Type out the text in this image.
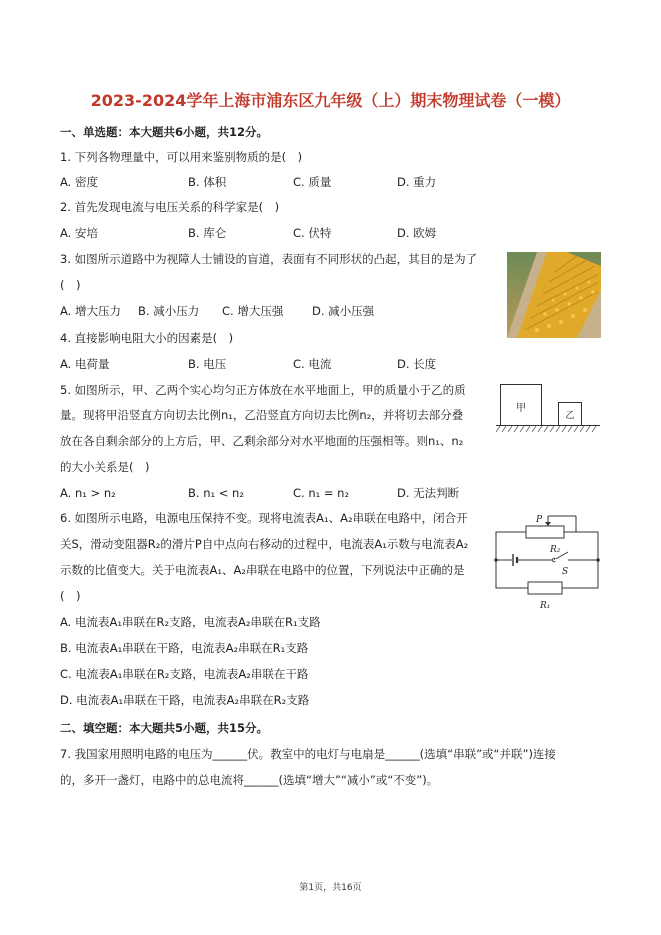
2023-2024学年上海市浦东区九年级（上）期末物理试卷（一模）
一、单选题：本大题共6小题，共12分。
1. 下列各物理量中，可以用来鉴别物质的是(　)
A. 密度	B. 体积	C. 质量	D. 重力
2. 首先发现电流与电压关系的科学家是(　)
A. 安培	B. 库仑	C. 伏特	D. 欧姆
3. 如图所示道路中为视障人士铺设的盲道，表面有不同形状的凸起，其目的是为了
(　)
A. 增大压力 B. 减小压力 C. 增大压强 D. 减小压强
4. 直接影响电阻大小的因素是(　)
A. 电荷量	B. 电压	C. 电流	D. 长度
5. 如图所示，甲、乙两个实心均匀正方体放在水平地面上，甲的质量小于乙的质
量。现将甲沿竖直方向切去比例n₁，乙沿竖直方向切去比例n₂，并将切去部分叠
放在各自剩余部分的上方后，甲、乙剩余部分对水平地面的压强相等。则n₁、n₂
的大小关系是(　)
A. n₁ > n₂	B. n₁ < n₂	C. n₁ = n₂	D. 无法判断
甲
乙
6. 如图所示电路，电源电压保持不变。现将电流表A₁、A₂串联在电路中，闭合开
关S，滑动变阻器R₂的滑片P自中点向右移动的过程中，电流表A₁示数与电流表A₂
示数的比值变大。关于电流表A₁、A₂串联在电路中的位置，下列说法中正确的是
(　)
A. 电流表A₁串联在R₂支路，电流表A₂串联在R₁支路
B. 电流表A₁串联在干路，电流表A₂串联在R₁支路
C. 电流表A₁串联在R₂支路，电流表A₂串联在干路
D. 电流表A₁串联在干路，电流表A₂串联在R₂支路
P
R₂
S
R₁
二、填空题：本大题共5小题，共15分。
7. 我国家用照明电路的电压为______伏。教室中的电灯与电扇是______(选填“串联”或“并联”)连接
的，多开一盏灯，电路中的总电流将______(选填“增大”“减小”或“不变”)。
第1页，共16页
